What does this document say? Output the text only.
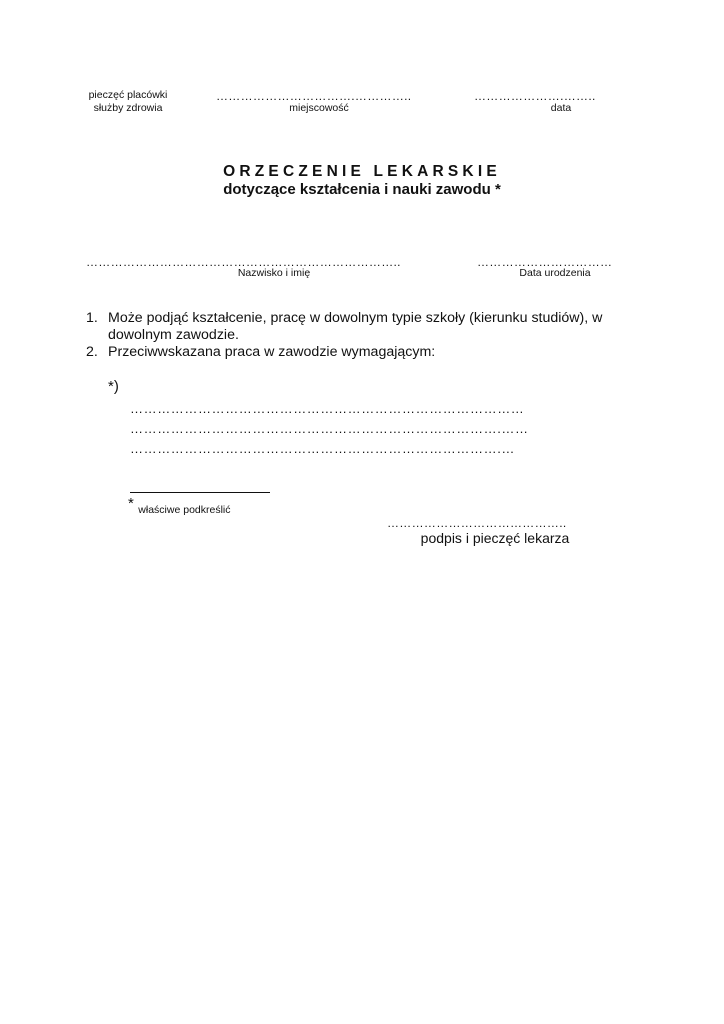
pieczęć placówki
służby zdrowia
…………………………….…………..
miejscowość
………………….……..
data
ORZECZENIE LEKARSKIE
dotyczące kształcenia i nauki zawodu *
…………………………………………………………………..
Nazwisko i imię
……………………………
Data urodzenia
1. Może podjąć kształcenie, pracę w dowolnym typie szkoły (kierunku studiów), w dowolnym zawodzie.
2. Przeciwwskazana praca w zawodzie wymagającym:
*)
……………………………………………………………………………
……………………………………………………………………….……
……………………………………………………………………….…
* $_{właściwe podkreślić}$
……………………………………..
podpis i pieczęć lekarza
